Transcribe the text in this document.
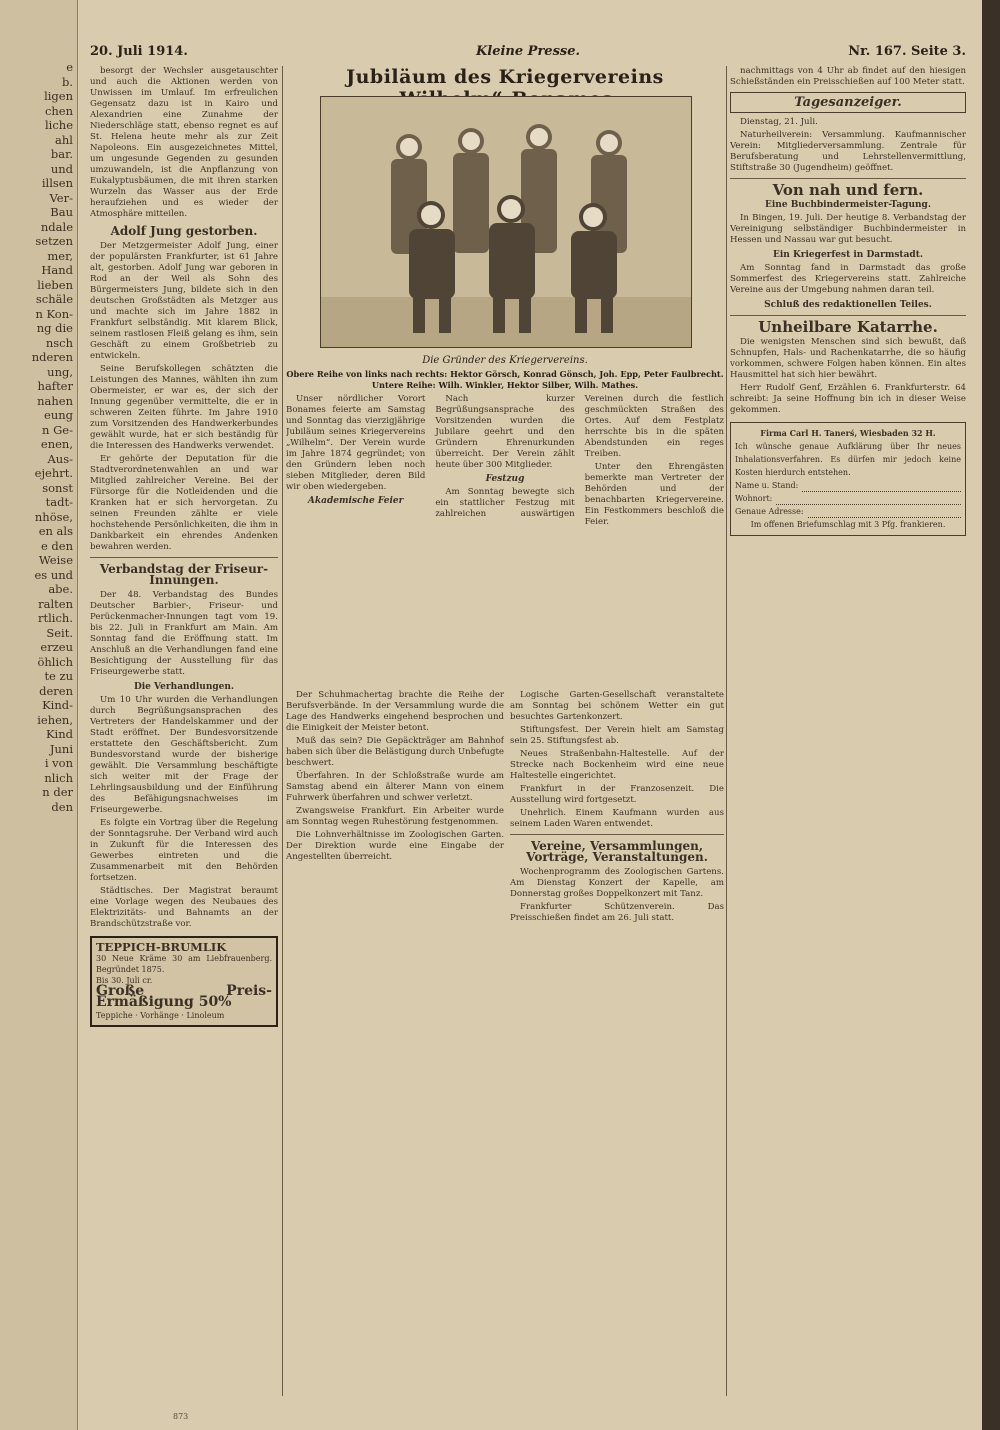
e
b.
ligen
chen
liche
ahl
bar.
und
illsen
Ver-
Bau
ndale
setzen
mer,
Hand
lieben
schäle
n Kon-
ng die
nsch
nderen
ung,
hafter
nahen
eung
n Ge-
enen,
Aus-
ejehrt.
sonst
tadt-
nhöse,
en als
e den
Weise
es und
abe.
ralten
rtlich.
Seit.
erzeu
öhlich
te zu
deren
Kind-
iehen,
Kind
Juni
i von
nlich
n der
den
20. Juli 1914.	Kleine Presse.	Nr. 167. Seite 3.

besorgt der Wechsler ausgetauschter und auch die Aktionen werden von Unwissen im Umlauf. Im erfreulichen Gegensatz dazu ist in Kairo und Alexandrien eine Zunahme der Niederschläge statt, ebenso regnet es auf St. Helena heute mehr als zur Zeit Napoleons. Ein ausgezeichnetes Mittel, um ungesunde Gegenden zu gesunden umzuwandeln, ist die Anpflanzung von Eukalyptusbäumen, die mit ihren starken Wurzeln das Wasser aus der Erde heraufziehen und es wieder der Atmosphäre mitteilen.

Adolf Jung gestorben.

Der Metzgermeister Adolf Jung, einer der populärsten Frankfurter, ist 61 Jahre alt, gestorben. Adolf Jung war geboren in Rod an der Weil als Sohn des Bürgermeisters Jung, bildete sich in den deutschen Großstädten als Metzger aus und machte sich im Jahre 1882 in Frankfurt selbständig. Mit klarem Blick, seinem rastlosen Fleiß gelang es ihm, sein Geschäft zu einem Großbetrieb zu entwickeln.

Seine Berufskollegen schätzten die Leistungen des Mannes, wählten ihn zum Obermeister, er war es, der sich der Innung gegenüber vermittelte, die er in schweren Zeiten führte. Im Jahre 1910 zum Vorsitzenden des Handwerkerbundes gewählt wurde, hat er sich beständig für die Interessen des Handwerks verwendet.

Er gehörte der Deputation für die Stadtverordnetenwahlen an und war Mitglied zahlreicher Vereine. Bei der Fürsorge für die Notleidenden und die Kranken hat er sich hervorgetan. Zu seinen Freunden zählte er viele hochstehende Persönlichkeiten, die ihm in Dankbarkeit ein ehrendes Andenken bewahren werden.

Verbandstag der Friseur-Innungen.

Der 48. Verbandstag des Bundes Deutscher Barbier-, Friseur- und Perückenmacher-Innungen tagt vom 19. bis 22. Juli in Frankfurt am Main. Am Sonntag fand die Eröffnung statt. Im Anschluß an die Verhandlungen fand eine Besichtigung der Ausstellung für das Friseurgewerbe statt.

Die Verhandlungen.

Um 10 Uhr wurden die Verhandlungen durch Begrüßungsansprachen des Vertreters der Handelskammer und der Stadt eröffnet. Der Bundesvorsitzende erstattete den Geschäftsbericht. Zum Bundesvorstand wurde der bisherige gewählt. Die Versammlung beschäftigte sich weiter mit der Frage der Lehrlingsausbildung und der Einführung des Befähigungsnachweises im Friseurgewerbe.

Es folgte ein Vortrag über die Regelung der Sonntagsruhe. Der Verband wird auch in Zukunft für die Interessen des Gewerbes eintreten und die Zusammenarbeit mit den Behörden fortsetzen.

Städtisches. Der Magistrat beraumt eine Vorlage wegen des Neubaues des Elektrizitäts- und Bahnamts an der Brandschützstraße vor.

TEPPICH-BRUMLIK
30 Neue Kräme 30 am Liebfrauenberg. Begründet 1875.
Bis 30. Juli cr.
Große Preis-Ermäßigung 50%
Teppiche · Vorhänge · Linoleum
Jubiläum des Kriegervereins
Die Gründer des Kriegervereins.
Obere Reihe von links nach rechts: Hektor Görsch, Konrad Gönsch, Joh. Epp, Peter Faulbrecht.
Untere Reihe: Wilh. Winkler, Hektor Silber, Wilh. Mathes.

Unser nördlicher Vorort Bonames feierte am Samstag und Sonntag das vierzigjährige Jubiläum seines Kriegervereins „Wilhelm“. Der Verein wurde im Jahre 1874 gegründet; von den Gründern leben noch sieben Mitglieder, deren Bild wir oben wiedergeben.

Akademische Feier

Nach kurzer Begrüßungsansprache des Vorsitzenden wurden die Jubilare geehrt und den Gründern Ehrenurkunden überreicht. Der Verein zählt heute über 300 Mitglieder.

Festzug

Am Sonntag bewegte sich ein stattlicher Festzug mit zahlreichen auswärtigen Vereinen durch die festlich geschmückten Straßen des Ortes. Auf dem Festplatz herrschte bis in die späten Abendstunden ein reges Treiben.

Unter den Ehrengästen bemerkte man Vertreter der Behörden und der benachbarten Kriegervereine. Ein Festkommers beschloß die Feier.

Der Schuhmachertag brachte die Reihe der Berufsverbände. In der Versammlung wurde die Lage des Handwerks eingehend besprochen und die Einigkeit der Meister betont.

Muß das sein? Die Gepäckträger am Bahnhof haben sich über die Belästigung durch Unbefugte beschwert.

Überfahren. In der Schloßstraße wurde am Samstag abend ein älterer Mann von einem Fuhrwerk überfahren und schwer verletzt.

Zwangsweise Frankfurt. Ein Arbeiter wurde am Sonntag wegen Ruhestörung festgenommen.

Die Lohnverhältnisse im Zoologischen Garten. Der Direktion wurde eine Eingabe der Angestellten überreicht.

Logische Garten-Gesellschaft veranstaltete am Sonntag bei schönem Wetter ein gut besuchtes Gartenkonzert.

Stiftungsfest. Der Verein hielt am Samstag sein 25. Stiftungsfest ab.

Neues Straßenbahn-Haltestelle. Auf der Strecke nach Bockenheim wird eine neue Haltestelle eingerichtet.

Frankfurt in der Franzosenzeit. Die Ausstellung wird fortgesetzt.

Unehrlich. Einem Kaufmann wurden aus seinem Laden Waren entwendet.

Vereine, Versammlungen, Vorträge, Veranstaltungen.

Wochenprogramm des Zoologischen Gartens. Am Dienstag Konzert der Kapelle, am Donnerstag großes Doppelkonzert mit Tanz.

Frankfurter Schützenverein. Das Preisschießen findet am 26. Juli statt.

nachmittags von 4 Uhr ab findet auf den hiesigen Schießständen ein Preisschießen auf 100 Meter statt.

Tagesanzeiger.

Dienstag, 21. Juli.

Naturheilverein: Versammlung. Kaufmannischer Verein: Mitgliederversammlung. Zentrale für Berufsberatung und Lehrstellenvermittlung, Stiftstraße 30 (Jugendheim) geöffnet.

Von nah und fern.
Eine Buchbindermeister-Tagung.

In Bingen, 19. Juli. Der heutige 8. Verbandstag der Vereinigung selbständiger Buchbindermeister in Hessen und Nassau war gut besucht.

Ein Kriegerfest in Darmstadt.

Am Sonntag fand in Darmstadt das große Sommerfest des Kriegervereins statt. Zahlreiche Vereine aus der Umgebung nahmen daran teil.

Schluß des redaktionellen Teiles.
Unheilbare Katarrhe.

Die wenigsten Menschen sind sich bewußt, daß Schnupfen, Hals- und Rachenkatarrhe, die so häufig vorkommen, schwere Folgen haben können. Ein altes Hausmittel hat sich hier bewährt.

Herr Rudolf Genf, Erzählen 6. Frankfurterstr. 64 schreibt: Ja seine Hoffnung bin ich in dieser Weise gekommen.

Firma Carl H. Tanerś, Wiesbaden 32 H.
Ich wünsche genaue Aufklärung über Ihr neues Inhalationsverfahren. Es dürfen mir jedoch keine Kosten hierdurch entstehen.
Name u. Stand:
Wohnort:
Genaue Adresse:
Im offenen Briefumschlag mit 3 Pfg. frankieren.
873
